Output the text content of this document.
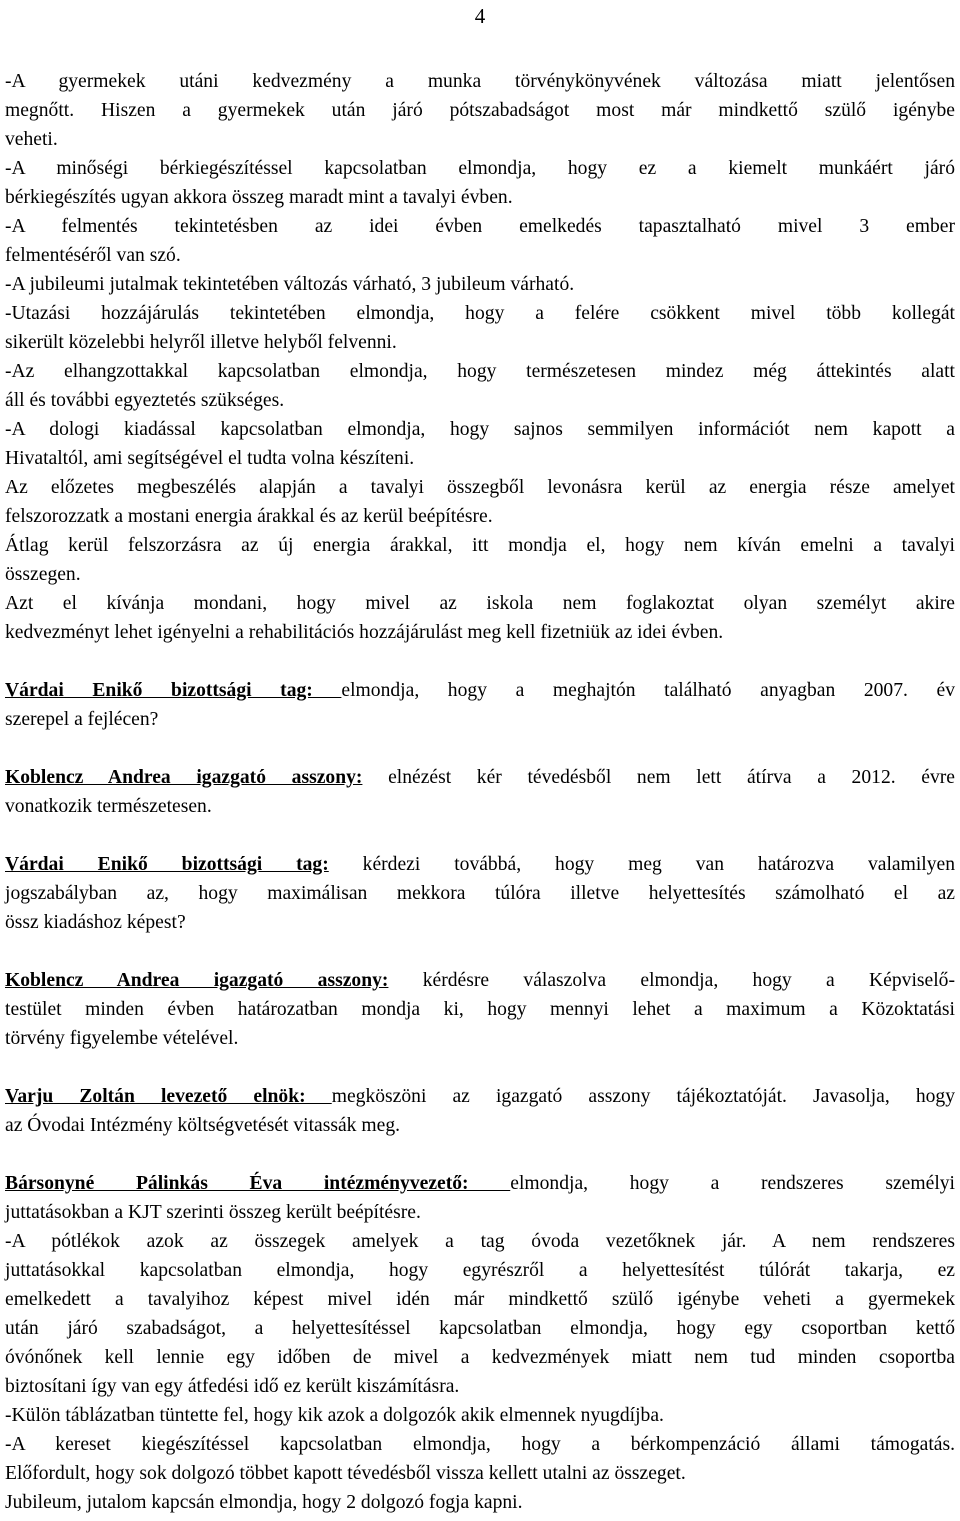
4
-A gyermekek utáni kedvezmény a munka törvénykönyvének változása miatt jelentősen
megnőtt. Hiszen a gyermekek után járó pótszabadságot most már mindkettő szülő igénybe
veheti.
-A minőségi bérkiegészítéssel kapcsolatban elmondja, hogy ez a kiemelt munkáért járó
bérkiegészítés ugyan akkora összeg maradt mint a tavalyi évben.
-A felmentés tekintetésben az idei évben emelkedés tapasztalható mivel 3 ember
felmentéséről van szó.
-A jubileumi jutalmak tekintetében változás várható, 3 jubileum várható.
-Utazási hozzájárulás tekintetében elmondja, hogy a felére csökkent mivel több kollegát
sikerült közelebbi helyről illetve helyből felvenni.
-Az elhangzottakkal kapcsolatban elmondja, hogy természetesen mindez még áttekintés alatt
áll és további egyeztetés szükséges.
-A dologi kiadással kapcsolatban elmondja, hogy sajnos semmilyen információt nem kapott a
Hivataltól, ami segítségével el tudta volna készíteni.
Az előzetes megbeszélés alapján a tavalyi összegből levonásra kerül az energia része amelyet
felszorozzatk a mostani energia árakkal és az kerül beépítésre.
Átlag kerül felszorzásra az új energia árakkal, itt mondja el, hogy nem kíván emelni a tavalyi
összegen.
Azt el kívánja mondani, hogy mivel az iskola nem foglakoztat olyan személyt akire
kedvezményt lehet igényelni a rehabilitációs hozzájárulást meg kell fizetniük az idei évben.
Várdai Enikő bizottsági tag: elmondja, hogy a meghajtón található anyagban 2007. év
szerepel a fejlécen?
Koblencz Andrea igazgató asszony: elnézést kér tévedésből nem lett átírva a 2012. évre
vonatkozik természetesen.
Várdai Enikő bizottsági tag: kérdezi továbbá, hogy meg van határozva valamilyen
jogszabályban az, hogy maximálisan mekkora túlóra illetve helyettesítés számolható el az
össz kiadáshoz képest?
Koblencz Andrea igazgató asszony: kérdésre válaszolva elmondja, hogy a Képviselő-
testület minden évben határozatban mondja ki, hogy mennyi lehet a maximum a Közoktatási
törvény figyelembe vételével.
Varju Zoltán levezető elnök: megköszöni az igazgató asszony tájékoztatóját. Javasolja, hogy
az Óvodai Intézmény költségvetését vitassák meg.
Bársonyné Pálinkás Éva intézményvezető: elmondja, hogy a rendszeres személyi
juttatásokban a KJT szerinti összeg került beépítésre.
-A pótlékok azok az összegek amelyek a tag óvoda vezetőknek jár. A nem rendszeres
juttatásokkal kapcsolatban elmondja, hogy egyrészről a helyettesítést túlórát takarja, ez
emelkedett a tavalyihoz képest mivel idén már mindkettő szülő igénybe veheti a gyermekek
után járó szabadságot, a helyettesítéssel kapcsolatban elmondja, hogy egy csoportban kettő
óvónőnek kell lennie egy időben de mivel a kedvezmények miatt nem tud minden csoportba
biztosítani így van egy átfedési idő ez került kiszámításra.
-Külön táblázatban tüntette fel, hogy kik azok a dolgozók akik elmennek nyugdíjba.
-A kereset kiegészítéssel kapcsolatban elmondja, hogy a bérkompenzáció állami támogatás.
Előfordult, hogy sok dolgozó többet kapott tévedésből vissza kellett utalni az összeget.
Jubileum, jutalom kapcsán elmondja, hogy 2 dolgozó fogja kapni.
